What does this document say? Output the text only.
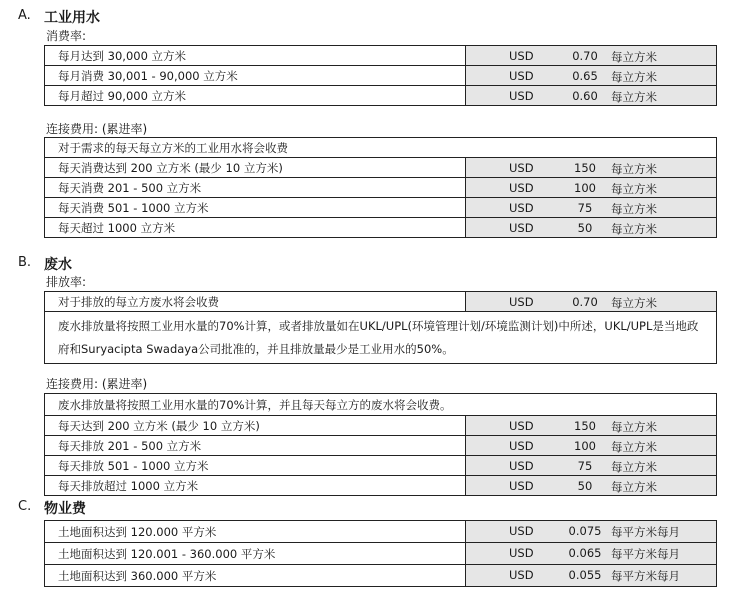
A. 工业用水
消费率:
每月达到 30,000 立方米	USD 0.70 每立方米

每月消费 30,001 - 90,000 立方米	USD 0.65 每立方米

每月超过 90,000 立方米	USD 0.60 每立方米
连接费用: (累进率)
对于需求的每天每立方米的工业用水将会收费	
每天消费达到 200 立方米 (最少 10 立方米)	USD 150 每立方米

每天消费 201 - 500 立方米	USD 100 每立方米

每天消费 501 - 1000 立方米	USD 75 每立方米

每天超过 1000 立方米	USD 50 每立方米
B. 废水
排放率:
对于排放的每立方废水将会收费	USD	0.70	每立方米

废水排放量将按照工业用水量的70%计算，或者排放量如在UKL/UPL(环境管理计划/环境监测计划)中所述，UKL/UPL是当地政府和Suryacipta Swadaya公司批准的，并且排放量最少是工业用水的50%。
连接费用: (累进率)
废水排放量将按照工业用水量的70%计算，并且每天每立方的废水将会收费。	
每天达到 200 立方米 (最少 10 立方米)	USD 150 每立方米

每天排放 201 - 500 立方米	USD 100 每立方米

每天排放 501 - 1000 立方米	USD 75 每立方米

每天排放超过 1000 立方米	USD 50 每立方米
C. 物业费
土地面积达到 120.000 平方米	USD 0.075 每平方米每月

土地面积达到 120.001 - 360.000 平方米	USD 0.065 每平方米每月

土地面积达到 360.000 平方米	USD 0.055 每平方米每月
